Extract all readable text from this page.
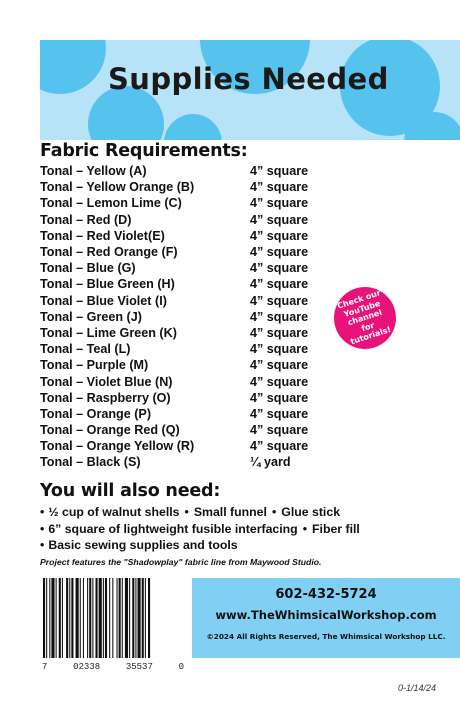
Supplies Needed
Fabric Requirements:
Tonal – Yellow (A)	4” square
Tonal – Yellow Orange (B)	4” square
Tonal – Lemon Lime (C)	4” square
Tonal – Red (D)	4” square
Tonal – Red Violet(E)	4” square
Tonal – Red Orange (F)	4” square
Tonal – Blue (G)	4” square
Tonal – Blue Green (H)	4” square
Tonal – Blue Violet (I)	4” square
Tonal – Green (J)	4” square
Tonal – Lime Green (K)	4” square
Tonal – Teal (L)	4” square
Tonal – Purple (M)	4” square
Tonal – Violet Blue (N)	4” square
Tonal – Raspberry (O)	4” square
Tonal – Orange (P)	4” square
Tonal – Orange Red (Q)	4” square
Tonal – Orange Yellow (R)	4” square
Tonal – Black (S)	¼ yard
Check our YouTube channel for tutorials!
You will also need:
• ½ cup of walnut shells • Small funnel • Glue stick
• 6” square of lightweight fusible interfacing • Fiber fill
• Basic sewing supplies and tools

Project features the "Shadowplay" fabric line from Maywood Studio.

7	02338	35537	0

602-432-5724

www.TheWhimsicalWorkshop.com

©2024 All Rights Reserved, The Whimsical Workshop LLC.

0-1/14/24
